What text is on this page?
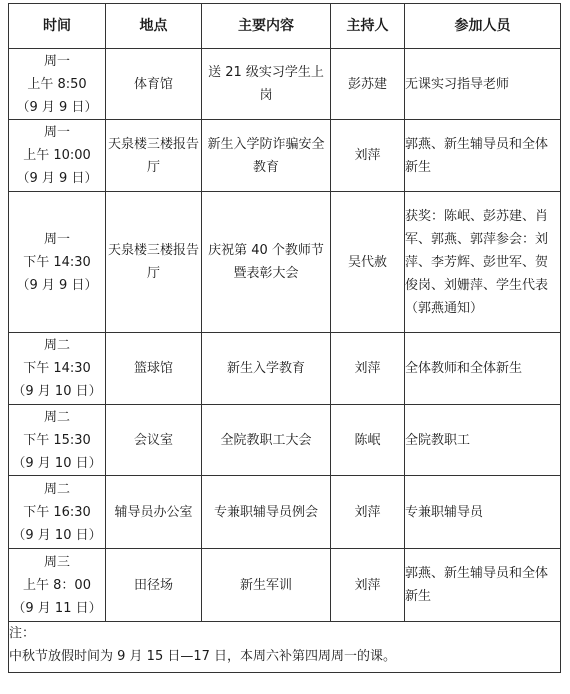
时间	地点	主要内容	主持人	参加人员

周一
上午 8:50
（9 月 9 日）	体育馆	送 21 级实习学生上岗	彭苏建	无课实习指导老师

周一
上午 10:00
（9 月 9 日）	天泉楼三楼报告厅	新生入学防诈骗安全教育	刘萍	郭燕、新生辅导员和全体新生

周一
下午 14:30
（9 月 9 日）	天泉楼三楼报告厅	庆祝第 40 个教师节暨表彰大会	吴代赦	获奖：陈岷、彭苏建、肖军、郭燕、郭萍参会：刘萍、李芳辉、彭世军、贺俊岗、刘姗萍、学生代表（郭燕通知）

周二
下午 14:30
（9 月 10 日）	篮球馆	新生入学教育	刘萍	全体教师和全体新生

周二
下午 15:30
（9 月 10 日）	会议室	全院教职工大会	陈岷	全院教职工

周二
下午 16:30
（9 月 10 日）	辅导员办公室	专兼职辅导员例会	刘萍	专兼职辅导员

周三
上午 8：00
（9 月 11 日）	田径场	新生军训	刘萍	郭燕、新生辅导员和全体新生

注：
中秋节放假时间为 9 月 15 日—17 日，本周六补第四周周一的课。				
